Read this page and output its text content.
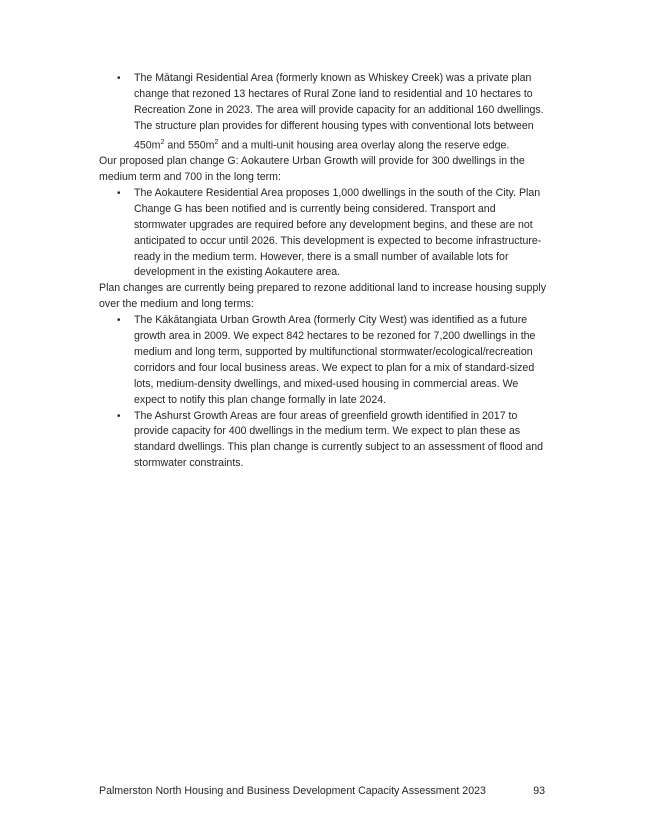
• The Mātangi Residential Area (formerly known as Whiskey Creek) was a private plan change that rezoned 13 hectares of Rural Zone land to residential and 10 hectares to Recreation Zone in 2023. The area will provide capacity for an additional 160 dwellings. The structure plan provides for different housing types with conventional lots between $450m^2$ and $550m^2$ and a multi-unit housing area overlay along the reserve edge.

Our proposed plan change G: Aokautere Urban Growth will provide for 300 dwellings in the medium term and 700 in the long term:

• The Aokautere Residential Area proposes 1,000 dwellings in the south of the City. Plan Change G has been notified and is currently being considered. Transport and stormwater upgrades are required before any development begins, and these are not anticipated to occur until 2026. This development is expected to become infrastructure-ready in the medium term. However, there is a small number of available lots for development in the existing Aokautere area.

Plan changes are currently being prepared to rezone additional land to increase housing supply over the medium and long terms:

• The Kākātangiata Urban Growth Area (formerly City West) was identified as a future growth area in 2009. We expect 842 hectares to be rezoned for 7,200 dwellings in the medium and long term, supported by multifunctional stormwater/ecological/recreation corridors and four local business areas. We expect to plan for a mix of standard-sized lots, medium-density dwellings, and mixed-used housing in commercial areas. We expect to notify this plan change formally in late 2024.
• The Ashurst Growth Areas are four areas of greenfield growth identified in 2017 to provide capacity for 400 dwellings in the medium term. We expect to plan these as standard dwellings. This plan change is currently subject to an assessment of flood and stormwater constraints.
Palmerston North Housing and Business Development Capacity Assessment 2023	93
